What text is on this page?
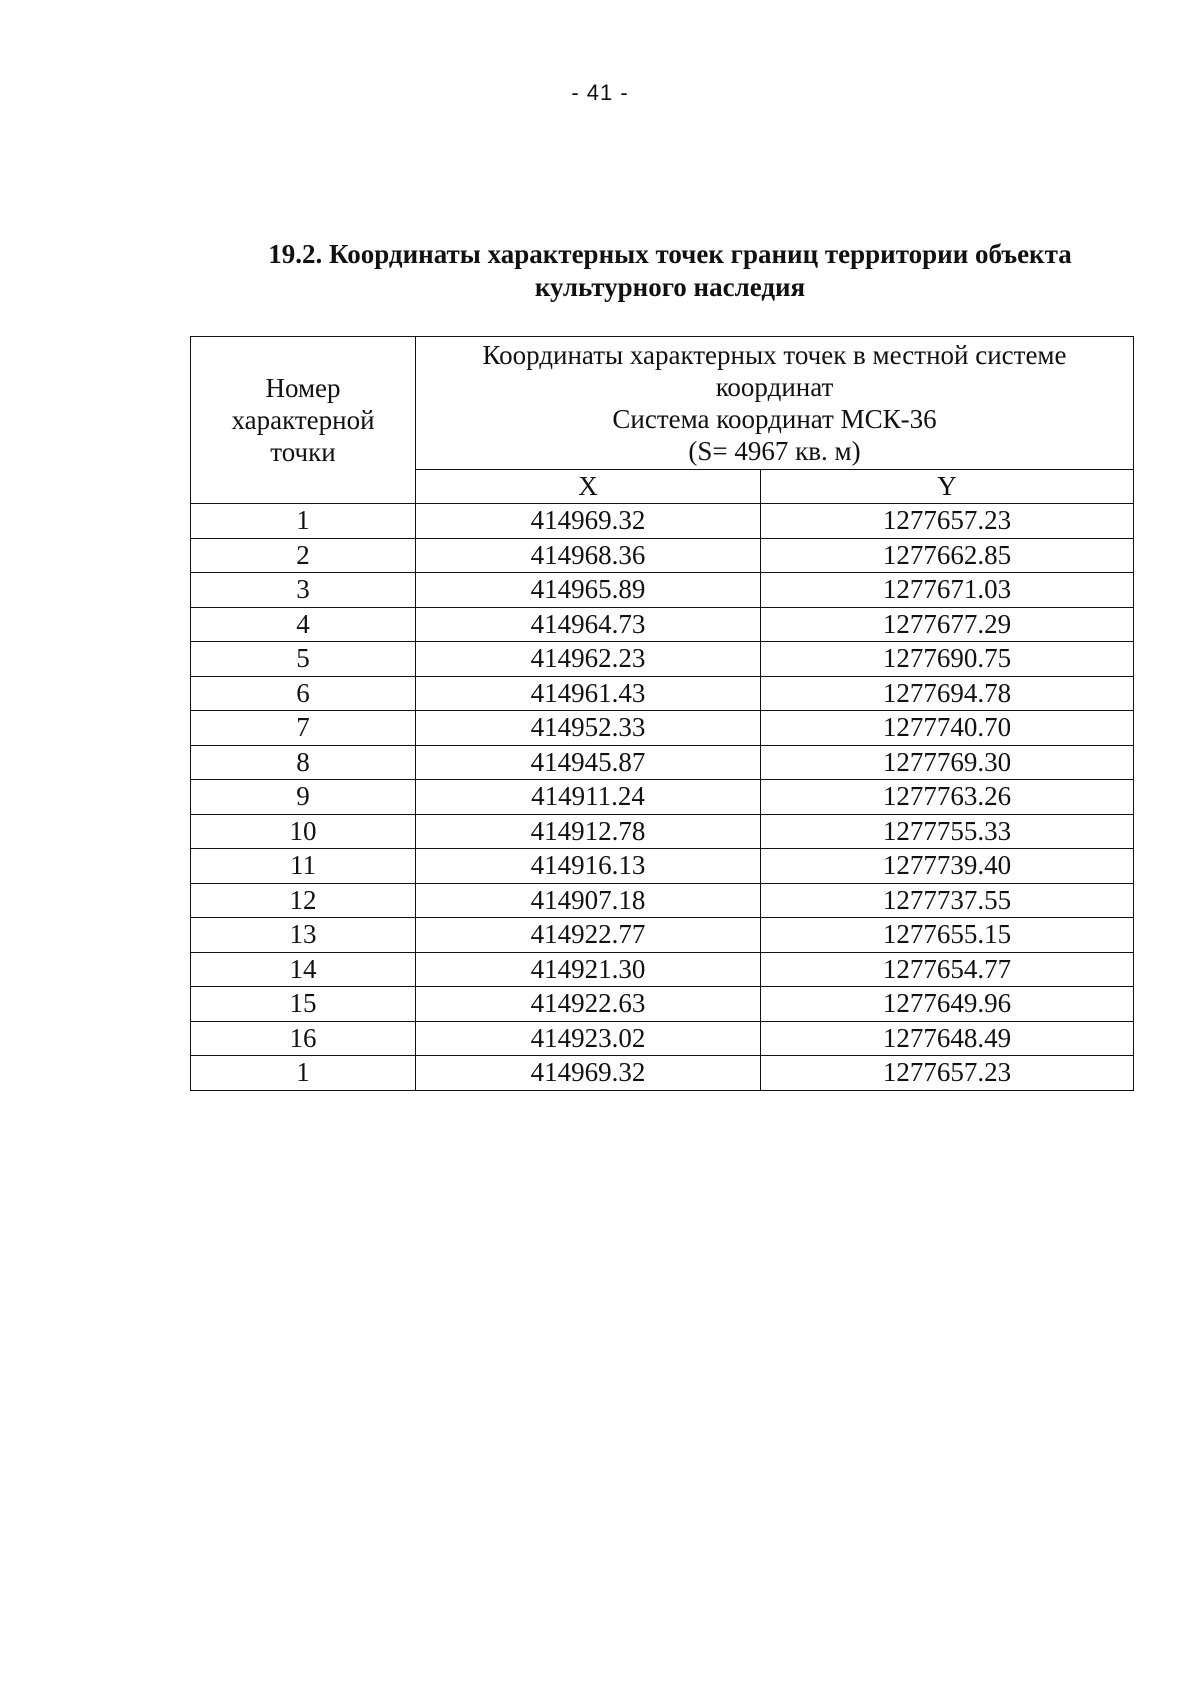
- 41 -
19.2. Координаты характерных точек границ территории объекта
культурного наследия
Номер
характерной
точки	Координаты характерных точек в местной системе
координат
Система координат МСК-36
(S= 4967 кв. м)	

	X	Y
1	414969.32	1277657.23
2	414968.36	1277662.85
3	414965.89	1277671.03
4	414964.73	1277677.29
5	414962.23	1277690.75
6	414961.43	1277694.78
7	414952.33	1277740.70
8	414945.87	1277769.30
9	414911.24	1277763.26
10	414912.78	1277755.33
11	414916.13	1277739.40
12	414907.18	1277737.55
13	414922.77	1277655.15
14	414921.30	1277654.77
15	414922.63	1277649.96
16	414923.02	1277648.49
1	414969.32	1277657.23
